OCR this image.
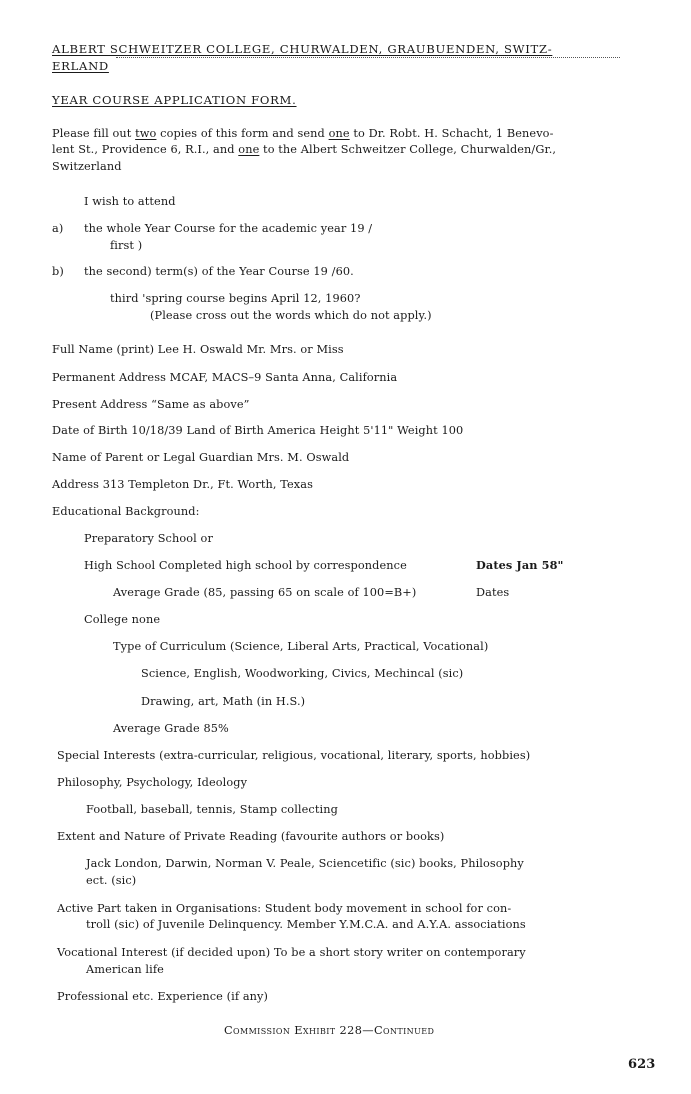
ALBERT SCHWEITZER COLLEGE, CHURWALDEN, GRAUBUENDEN, SWITZ-
ERLAND
YEAR COURSE APPLICATION FORM.
Please fill out two copies of this form and send one to Dr. Robt. H. Schacht, 1 Benevo-
lent St., Providence 6, R.I., and one to the Albert Schweitzer College, Churwalden/Gr.,
Switzerland
I wish to attend
a) the whole Year Course for the academic year 19 /
first )
b) the second) term(s) of the Year Course 19 /60.
third 'spring course begins April 12, 1960?
(Please cross out the words which do not apply.)
Full Name (print) Lee H. Oswald Mr. Mrs. or Miss
Permanent Address MCAF, MACS–9 Santa Anna, California
Present Address “Same as above”
Date of Birth 10/18/39 Land of Birth America Height 5'11" Weight 100
Name of Parent or Legal Guardian Mrs. M. Oswald
Address 313 Templeton Dr., Ft. Worth, Texas
Educational Background:
Preparatory School or
High School Completed high school by correspondence	Dates Jan 58"
Average Grade (85, passing 65 on scale of 100=B+)	Dates
College none
Type of Curriculum (Science, Liberal Arts, Practical, Vocational)
Science, English, Woodworking, Civics, Mechincal (sic)
Drawing, art, Math (in H.S.)
Average Grade 85%
Special Interests (extra-curricular, religious, vocational, literary, sports, hobbies)
Philosophy, Psychology, Ideology
Football, baseball, tennis, Stamp collecting
Extent and Nature of Private Reading (favourite authors or books)
Jack London, Darwin, Norman V. Peale, Sciencetific (sic) books, Philosophy
ect. (sic)
Active Part taken in Organisations: Student body movement in school for con-
troll (sic) of Juvenile Delinquency. Member Y.M.C.A. and A.Y.A. associations
Vocational Interest (if decided upon) To be a short story writer on contemporary
American life
Professional etc. Experience (if any)
Commission Exhibit 228—Continued
623
